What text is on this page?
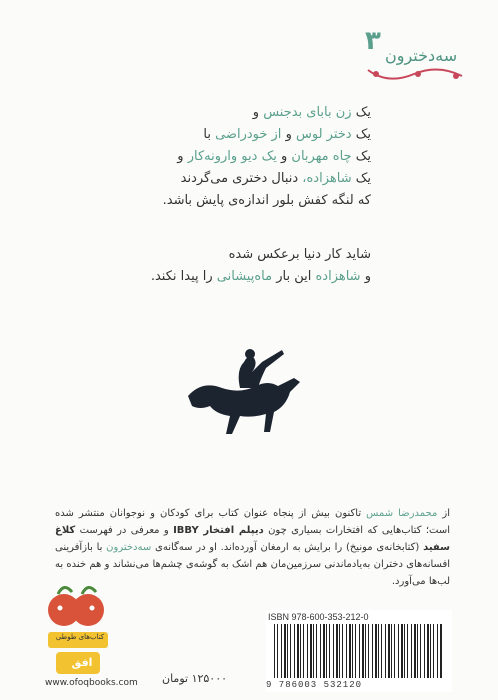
۳ سه‌دختر‌ون
یک زن بابای بدجنس و
یک دختر لوس و از خودراضی با
یک چاه مهربان و یک دیو وارونه‌کار و
یک شاهزاده، دنبال دختری می‌گردند
که لنگه کفش بلور اندازه‌ی پایش باشد.
شاید کار دنیا برعکس شده
و شاهزاده این بار ماه‌پیشانی را پیدا نکند.
از محمدرضا شمس تاکنون بیش از پنجاه عنوان کتاب برای کودکان و نوجوانان منتشر شده است؛ کتاب‌هایی که افتخارات بسیاری چون دیپلم افتخار IBBY و معرفی در فهرست کلاغ سفید (کتابخانه‌ی مونیخ) را برایش به ارمغان آورده‌اند. او در سه‌گانه‌ی سه‌دختر‌ون با بازآفرینی افسانه‌های دختران به‌یادماندنی سرزمین‌مان هم اشک به گوشه‌ی چشم‌ها می‌نشاند و هم خنده به لب‌ها می‌آورد.
کتاب‌های طوطی
افق
www.ofoqbooks.com ۱۲۵۰۰۰ تومان
ISBN 978-600-353-212-0
9 786003 532120
